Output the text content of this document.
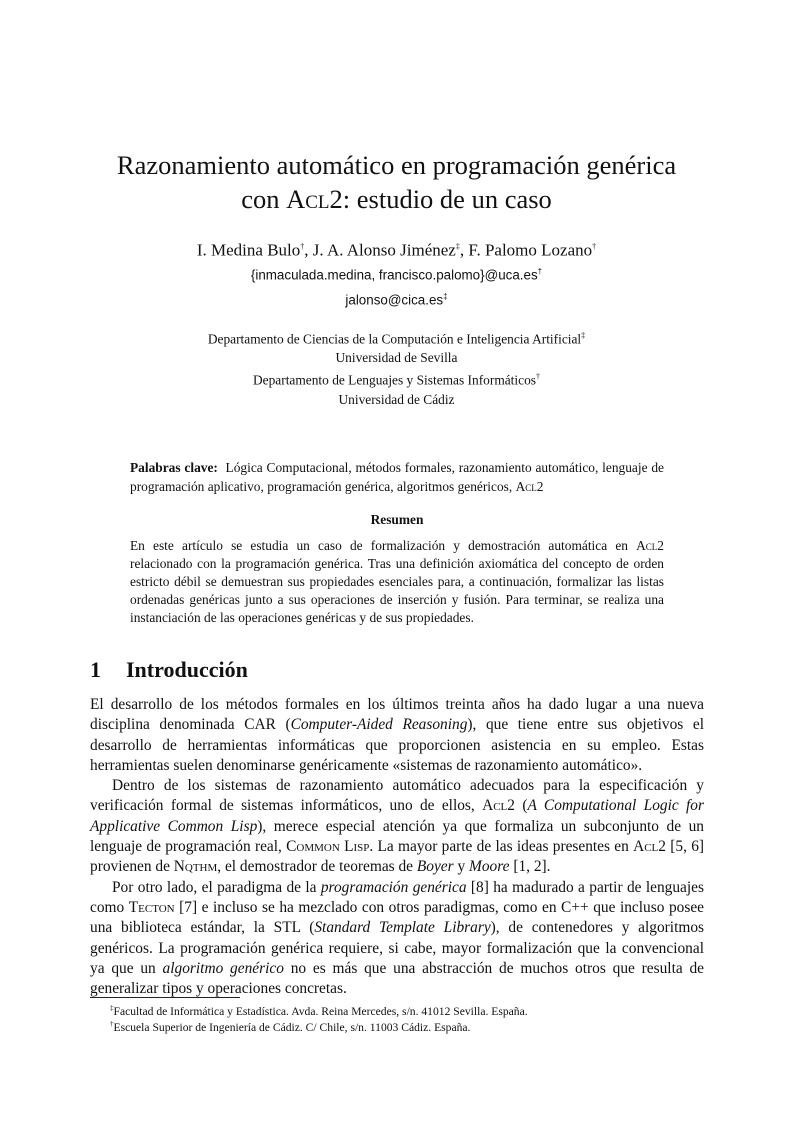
Razonamiento automático en programación genérica
con Acl2: estudio de un caso
I. Medina Bulo†, J. A. Alonso Jiménez‡, F. Palomo Lozano†
{inmaculada.medina, francisco.palomo}@uca.es†
jalonso@cica.es‡
Departamento de Ciencias de la Computación e Inteligencia Artificial‡
Universidad de Sevilla
Departamento de Lenguajes y Sistemas Informáticos†
Universidad de Cádiz
Palabras clave: Lógica Computacional, métodos formales, razonamiento automático, lenguaje de programación aplicativo, programación genérica, algoritmos genéricos, Acl2
Resumen
En este artículo se estudia un caso de formalización y demostración automática en Acl2 relacionado con la programación genérica. Tras una definición axiomática del concepto de orden estricto débil se demuestran sus propiedades esenciales para, a continuación, formalizar las listas ordenadas genéricas junto a sus operaciones de inserción y fusión. Para terminar, se realiza una instanciación de las operaciones genéricas y de sus propiedades.
1 Introducción

El desarrollo de los métodos formales en los últimos treinta años ha dado lugar a una nueva disciplina denominada CAR (Computer-Aided Reasoning), que tiene entre sus objetivos el desarrollo de herramientas informáticas que proporcionen asistencia en su empleo. Estas herramientas suelen denominarse genéricamente «sistemas de razonamiento automático».

Dentro de los sistemas de razonamiento automático adecuados para la especificación y verificación formal de sistemas informáticos, uno de ellos, Acl2 (A Computational Logic for Applicative Common Lisp), merece especial atención ya que formaliza un subconjunto de un lenguaje de programación real, Common Lisp. La mayor parte de las ideas presentes en Acl2 [5, 6] provienen de Nqthm, el demostrador de teoremas de Boyer y Moore [1, 2].

Por otro lado, el paradigma de la programación genérica [8] ha madurado a partir de lenguajes como Tecton [7] e incluso se ha mezclado con otros paradigmas, como en C++ que incluso posee una biblioteca estándar, la STL (Standard Template Library), de contenedores y algoritmos genéricos. La programación genérica requiere, si cabe, mayor formalización que la convencional ya que un algoritmo genérico no es más que una abstracción de muchos otros que resulta de generalizar tipos y operaciones concretas.

‡Facultad de Informática y Estadística. Avda. Reina Mercedes, s/n. 41012 Sevilla. España.
†Escuela Superior de Ingeniería de Cádiz. C/ Chile, s/n. 11003 Cádiz. España.
